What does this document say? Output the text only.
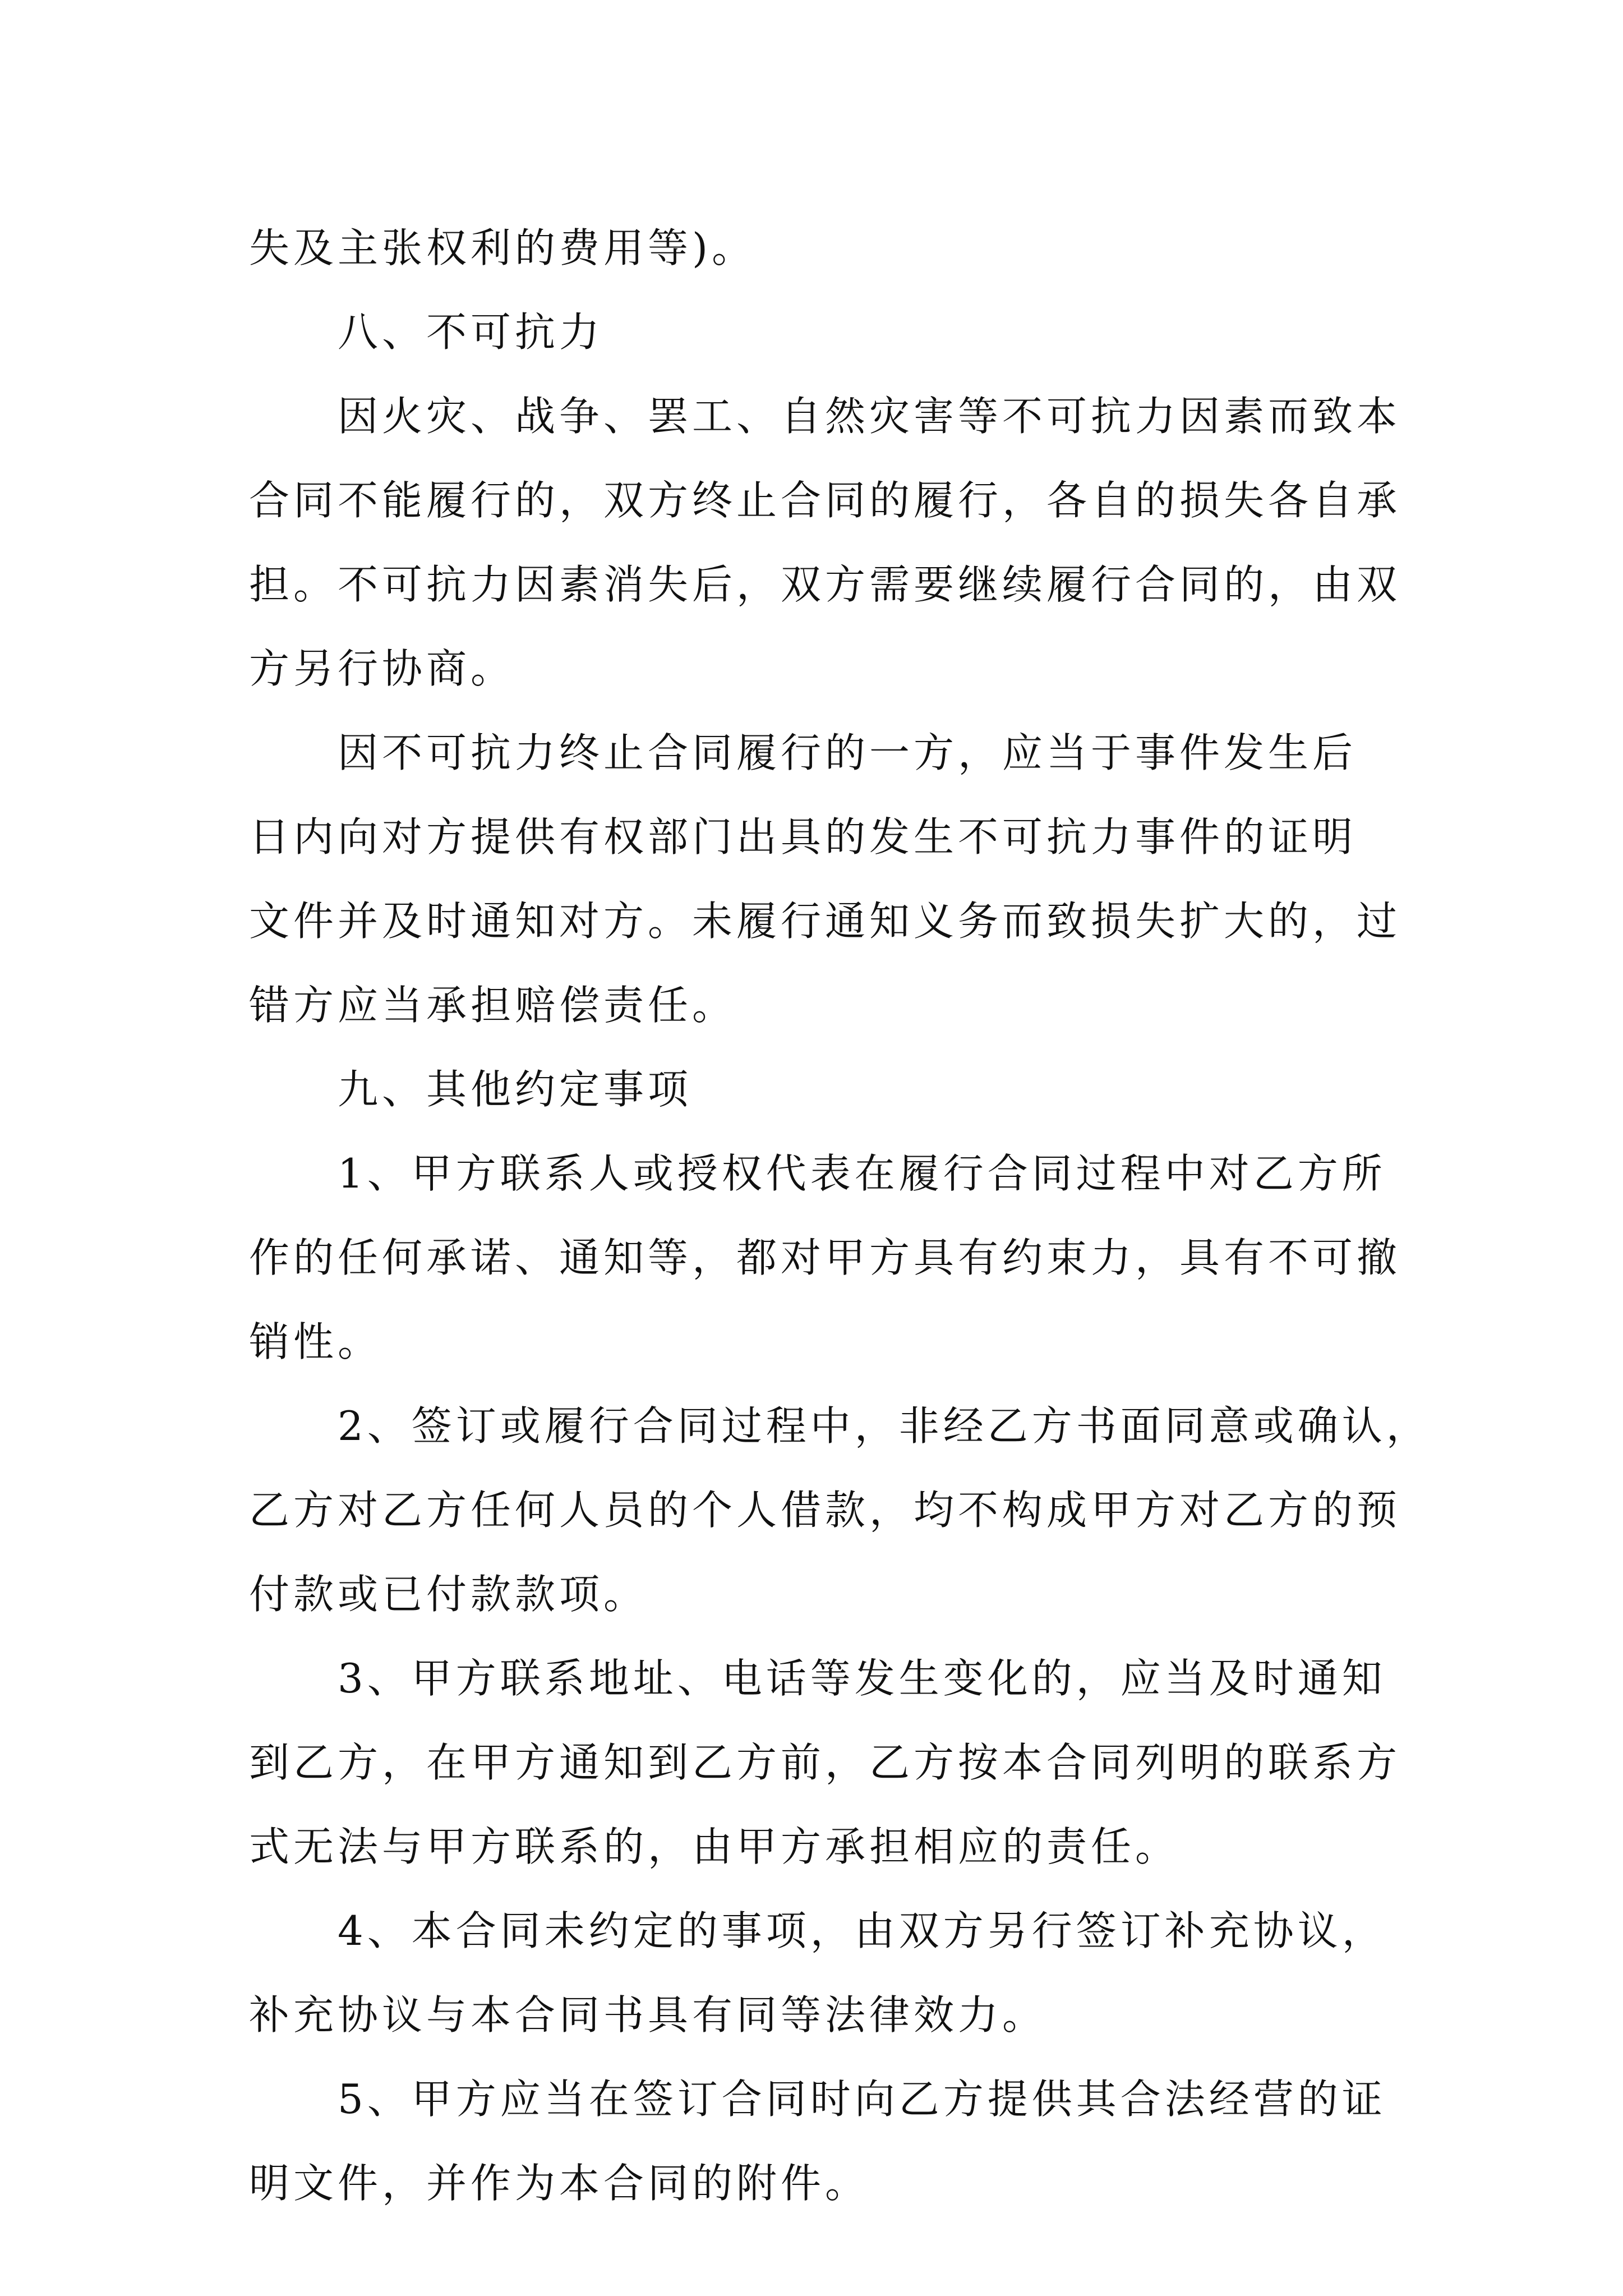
失及主张权利的费用等)。

八、不可抗力

因火灾、战争、罢工、自然灾害等不可抗力因素而致本

合同不能履行的，双方终止合同的履行，各自的损失各自承

担。不可抗力因素消失后，双方需要继续履行合同的，由双

方另行协商。

因不可抗力终止合同履行的一方，应当于事件发生后

日内向对方提供有权部门出具的发生不可抗力事件的证明

文件并及时通知对方。未履行通知义务而致损失扩大的，过

错方应当承担赔偿责任。

九、其他约定事项

1、甲方联系人或授权代表在履行合同过程中对乙方所

作的任何承诺、通知等，都对甲方具有约束力，具有不可撤

销性。

2、签订或履行合同过程中，非经乙方书面同意或确认，

乙方对乙方任何人员的个人借款，均不构成甲方对乙方的预

付款或已付款款项。

3、甲方联系地址、电话等发生变化的，应当及时通知

到乙方，在甲方通知到乙方前，乙方按本合同列明的联系方

式无法与甲方联系的，由甲方承担相应的责任。

4、本合同未约定的事项，由双方另行签订补充协议，

补充协议与本合同书具有同等法律效力。

5、甲方应当在签订合同时向乙方提供其合法经营的证

明文件，并作为本合同的附件。
